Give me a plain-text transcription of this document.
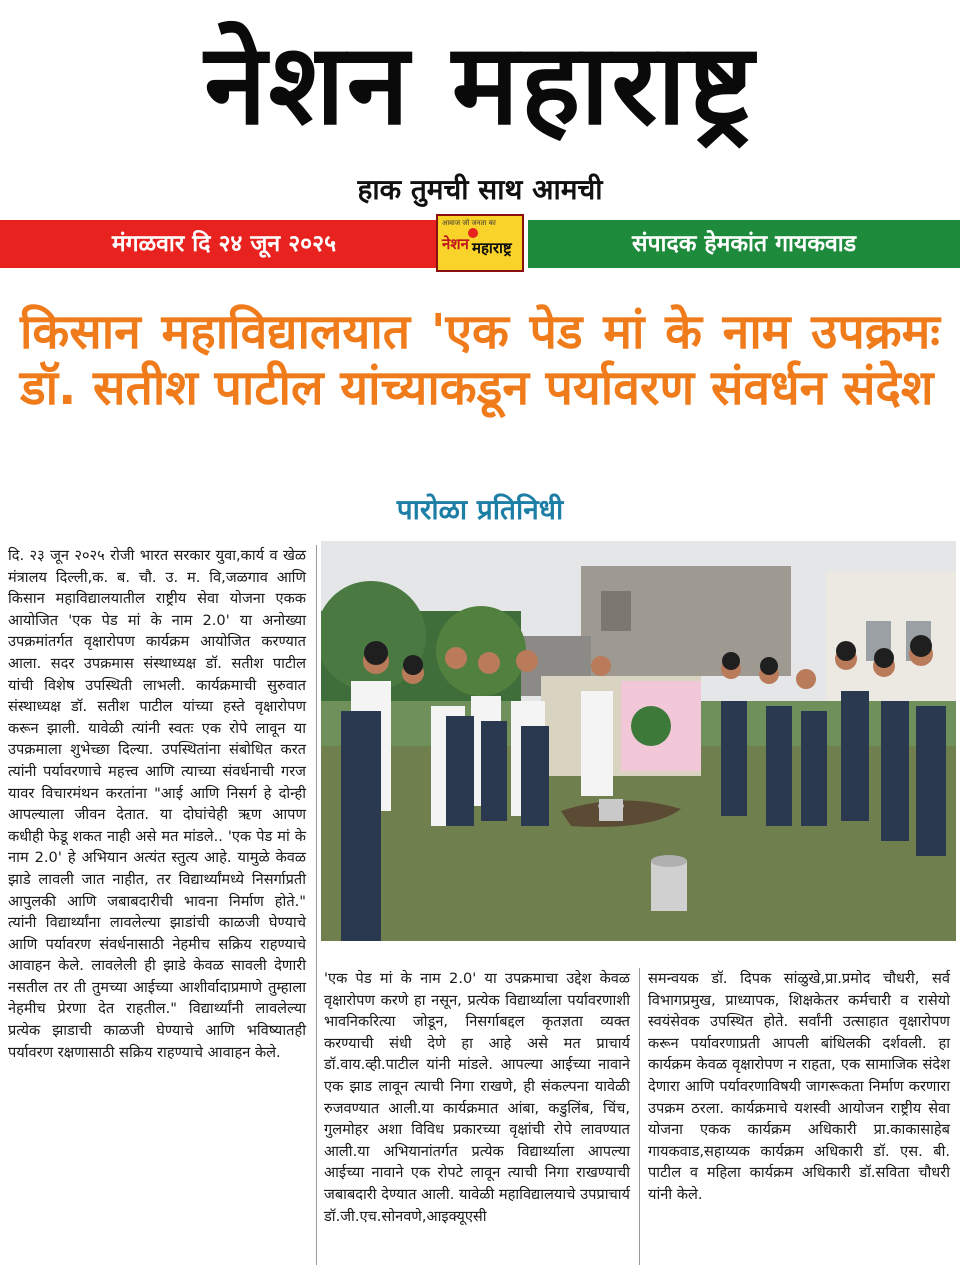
नेशन महाराष्ट्र
हाक तुमची साथ आमची
मंगळवार दि २४ जून २०२५	संपादक हेमकांत गायकवाड
आवाज जो जनता का
नेशन महाराष्ट्र
किसान महाविद्यालयात 'एक पेड मां के नाम उपक्रमः डॉ. सतीश पाटील यांच्याकडून पर्यावरण संवर्धन संदेश
पारोळा प्रतिनिधी
दि. २३ जून २०२५ रोजी भारत सरकार युवा,कार्य व खेळ मंत्रालय दिल्ली,क. ब. चौ. उ. म. वि,जळगाव आणि किसान महाविद्यालयातील राष्ट्रीय सेवा योजना एकक आयोजित 'एक पेड मां के नाम 2.0' या अनोख्या उपक्रमांतर्गत वृक्षारोपण कार्यक्रम आयोजित करण्यात आला. सदर उपक्रमास संस्थाध्यक्ष डॉ. सतीश पाटील यांची विशेष उपस्थिती लाभली. कार्यक्रमाची सुरुवात संस्थाध्यक्ष डॉ. सतीश पाटील यांच्या हस्ते वृक्षारोपण करून झाली. यावेळी त्यांनी स्वतः एक रोपे लावून या उपक्रमाला शुभेच्छा दिल्या. उपस्थितांना संबोधित करत त्यांनी पर्यावरणाचे महत्त्व आणि त्याच्या संवर्धनाची गरज यावर विचारमंथन करतांना "आई आणि निसर्ग हे दोन्ही आपल्याला जीवन देतात. या दोघांचेही ऋण आपण कधीही फेडू शकत नाही असे मत मांडले.. 'एक पेड मां के नाम 2.0' हे अभियान अत्यंत स्तुत्य आहे. यामुळे केवळ झाडे लावली जात नाहीत, तर विद्यार्थ्यांमध्ये निसर्गाप्रती आपुलकी आणि जबाबदारीची भावना निर्माण होते." त्यांनी विद्यार्थ्यांना लावलेल्या झाडांची काळजी घेण्याचे आणि पर्यावरण संवर्धनासाठी नेहमीच सक्रिय राहण्याचे आवाहन केले. लावलेली ही झाडे केवळ सावली देणारी नसतील तर ती तुमच्या आईच्या आशीर्वादाप्रमाणे तुम्हाला नेहमीच प्रेरणा देत राहतील." विद्यार्थ्यांनी लावलेल्या प्रत्येक झाडाची काळजी घेण्याचे आणि भविष्यातही पर्यावरण रक्षणासाठी सक्रिय राहण्याचे आवाहन केले.
'एक पेड मां के नाम 2.0' या उपक्रमाचा उद्देश केवळ वृक्षारोपण करणे हा नसून, प्रत्येक विद्यार्थ्याला पर्यावरणाशी भावनिकरित्या जोडून, निसर्गाबद्दल कृतज्ञता व्यक्त करण्याची संधी देणे हा आहे असे मत प्राचार्य डॉ.वाय.व्ही.पाटील यांनी मांडले. आपल्या आईच्या नावाने एक झाड लावून त्याची निगा राखणे, ही संकल्पना यावेळी रुजवण्यात आली.या कार्यक्रमात आंबा, कडुलिंब, चिंच, गुलमोहर अशा विविध प्रकारच्या वृक्षांची रोपे लावण्यात आली.या अभियानांतर्गत प्रत्येक विद्यार्थ्याला आपल्या आईच्या नावाने एक रोपटे लावून त्याची निगा राखण्याची जबाबदारी देण्यात आली. यावेळी महाविद्यालयाचे उपप्राचार्य डॉ.जी.एच.सोनवणे,आइक्यूएसी
समन्वयक डॉ. दिपक सांळुखे,प्रा.प्रमोद चौधरी, सर्व विभागप्रमुख, प्राध्यापक, शिक्षकेतर कर्मचारी व रासेयो स्वयंसेवक उपस्थित होते. सर्वांनी उत्साहात वृक्षारोपण करून पर्यावरणाप्रती आपली बांधिलकी दर्शवली. हा कार्यक्रम केवळ वृक्षारोपण न राहता, एक सामाजिक संदेश देणारा आणि पर्यावरणाविषयी जागरूकता निर्माण करणारा उपक्रम ठरला. कार्यक्रमाचे यशस्वी आयोजन राष्ट्रीय सेवा योजना एकक कार्यक्रम अधिकारी प्रा.काकासाहेब गायकवाड,सहाय्यक कार्यक्रम अधिकारी डॉ. एस. बी. पाटील व महिला कार्यक्रम अधिकारी डॉ.सविता चौधरी यांनी केले.
